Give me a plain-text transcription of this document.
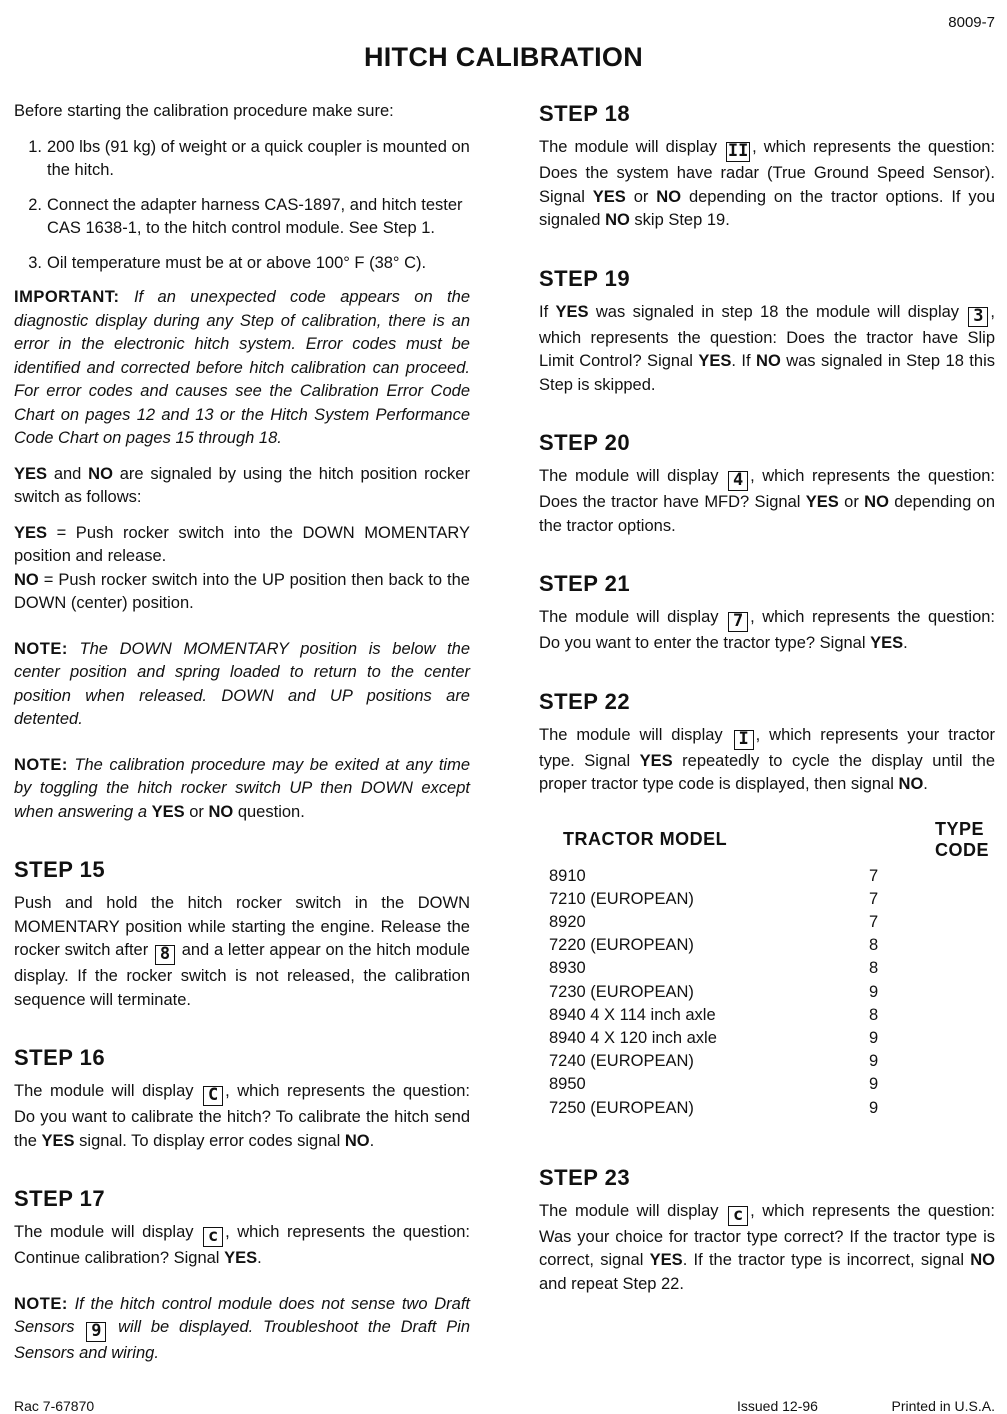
8009-7
HITCH CALIBRATION

Before starting the calibration procedure make sure:

1. 200 lbs (91 kg) of weight or a quick coupler is mounted on the hitch.
2. Connect the adapter harness CAS-1897, and hitch tester CAS 1638-1, to the hitch control module. See Step 1.
3. Oil temperature must be at or above 100° F (38° C).

IMPORTANT: If an unexpected code appears on the diagnostic display during any Step of calibration, there is an error in the electronic hitch system. Error codes must be identified and corrected before hitch calibration can proceed. For error codes and causes see the Calibration Error Code Chart on pages 12 and 13 or the Hitch System Performance Code Chart on pages 15 through 18.

YES and NO are signaled by using the hitch position rocker switch as follows:

YES = Push rocker switch into the DOWN MOMENTARY position and release.

NO = Push rocker switch into the UP position then back to the DOWN (center) position.

NOTE: The DOWN MOMENTARY position is below the center position and spring loaded to return to the center position when released. DOWN and UP positions are detented.

NOTE: The calibration procedure may be exited at any time by toggling the hitch rocker switch UP then DOWN except when answering a YES or NO question.

STEP 15

Push and hold the hitch rocker switch in the DOWN MOMENTARY position while starting the engine. Release the rocker switch after 8 and a letter appear on the hitch module display. If the rocker switch is not released, the calibration sequence will terminate.

STEP 16

The module will display C , which represents the question: Do you want to calibrate the hitch? To calibrate the hitch send the YES signal. To display error codes signal NO.

STEP 17

The module will display c , which represents the question: Continue calibration? Signal YES.

NOTE: If the hitch control module does not sense two Draft Sensors 9 will be displayed. Troubleshoot the Draft Pin Sensors and wiring.

STEP 18

The module will display II , which represents the question: Does the system have radar (True Ground Speed Sensor). Signal YES or NO depending on the tractor options. If you signaled NO skip Step 19.

STEP 19

If YES was signaled in step 18 the module will display 3 , which represents the question: Does the tractor have Slip Limit Control? Signal YES. If NO was signaled in Step 18 this Step is skipped.

STEP 20

The module will display 4 , which represents the question: Does the tractor have MFD? Signal YES or NO depending on the tractor options.

STEP 21

The module will display 7 , which represents the question: Do you want to enter the tractor type? Signal YES.

STEP 22

The module will display I , which represents your tractor type. Signal YES repeatedly to cycle the display until the proper tractor type code is displayed, then signal NO.

TRACTOR MODEL	TYPE CODE
8910	7
7210 (EUROPEAN)	7
8920	7
7220 (EUROPEAN)	8
8930	8
7230 (EUROPEAN)	9
8940 4 X 114 inch axle	8
8940 4 X 120 inch axle	9
7240 (EUROPEAN)	9
8950	9
7250 (EUROPEAN)	9
STEP 23

The module will display c , which represents the question: Was your choice for tractor type correct? If the tractor type is correct, signal YES. If the tractor type is incorrect, signal NO and repeat Step 22.

Rac 7-67870	Issued 12-96	Printed in U.S.A.
